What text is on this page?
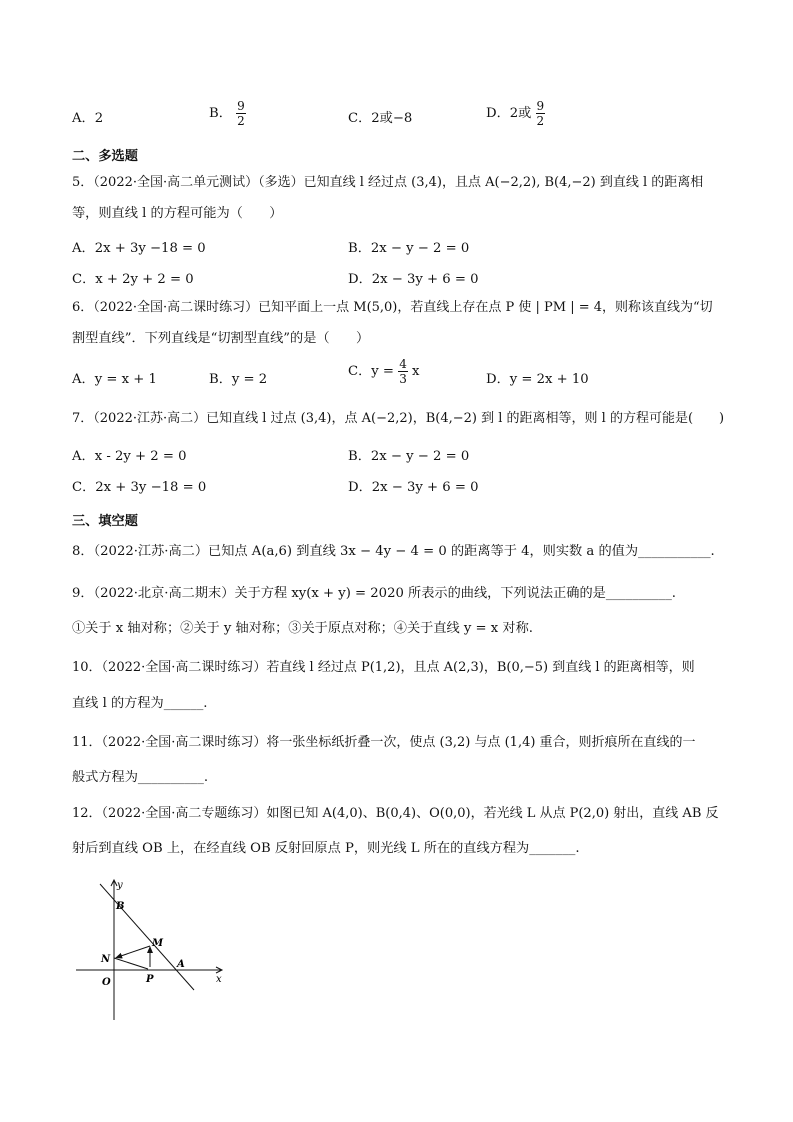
A．2	B． $\frac{9}{2}$	C．2或−8	D．2或 $\frac{9}{2}$
二、多选题
5．（2022·全国·高二单元测试）（多选）已知直线 l 经过点 (3,4)，且点 A(−2,2), B(4,−2) 到直线 l 的距离相
等，则直线 l 的方程可能为（　　）
A．2x + 3y −18 = 0	B．2x − y − 2 = 0
C．x + 2y + 2 = 0	D．2x − 3y + 6 = 0
6．（2022·全国·高二课时练习）已知平面上一点 M(5,0)，若直线上存在点 P 使 | PM | = 4，则称该直线为“切
割型直线”．下列直线是“切割型直线”的是（　　）
A．y = x + 1	B．y = 2
C．$y = \frac{4}{3}$ x
D．y = 2x + 10
7．（2022·江苏·高二）已知直线 l 过点 (3,4)，点 A(−2,2)，B(4,−2) 到 l 的距离相等，则 l 的方程可能是(　　)
A．x - 2y + 2 = 0	B．2x − y − 2 = 0
C．2x + 3y −18 = 0	D．2x − 3y + 6 = 0
三、填空题
8．（2022·江苏·高二）已知点 A(a,6) 到直线 3x − 4y − 4 = 0 的距离等于 4，则实数 a 的值为___________.
9．（2022·北京·高二期末）关于方程 xy(x + y) = 2020 所表示的曲线，下列说法正确的是__________.
①关于 x 轴对称；②关于 y 轴对称；③关于原点对称；④关于直线 y = x 对称.
10．（2022·全国·高二课时练习）若直线 l 经过点 P(1,2)，且点 A(2,3)，B(0,−5) 到直线 l 的距离相等，则
直线 l 的方程为______.
11．（2022·全国·高二课时练习）将一张坐标纸折叠一次，使点 (3,2) 与点 (1,4) 重合，则折痕所在直线的一
般式方程为__________.
12．（2022·全国·高二专题练习）如图已知 A(4,0)、B(0,4)、O(0,0)，若光线 L 从点 P(2,0) 射出，直线 AB 反
射后到直线 OB 上，在经直线 OB 反射回原点 P，则光线 L 所在的直线方程为_______.
y
x
B
M
N	A
O	P
